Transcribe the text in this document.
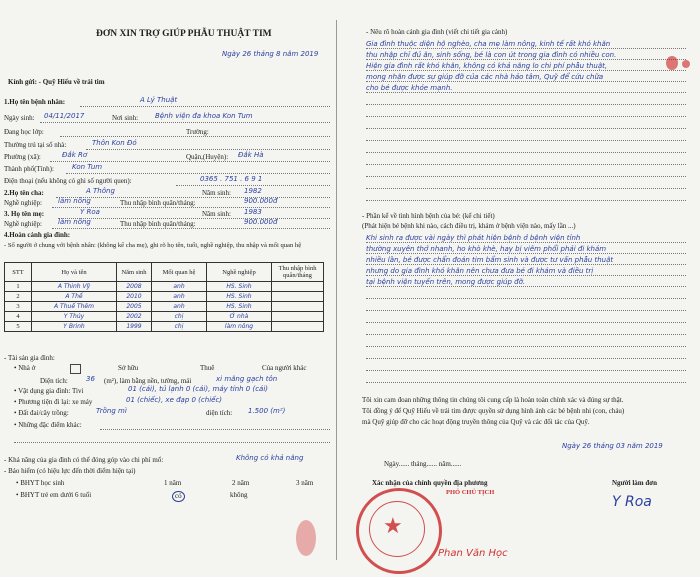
ĐƠN XIN TRỢ GIÚP PHẪU THUẬT TIM
Ngày 26 tháng 8 năm 2019
Kính gửi: - Quỹ Hiếu về trái tim
1.Họ tên bệnh nhân:	A Lý Thuật
Ngày sinh: 04/11/2017	Nơi sinh: Bệnh viện đa khoa Kon Tum
Đang học lớp:	Trường:
Thường trú tại số nhà:	Thôn Kon Đó
Phường (xã):	Đắk Rơ	Quận,(Huyện): Đắk Hà
Thành phố(Tỉnh):	Kon Tum
Điện thoại (nếu không có ghi số người quen):	0365 . 751 . 6 9 1
2.Họ tên cha:	A Thông	Năm sinh: 1982
Nghề nghiệp: làm nông	Thu nhập bình quân/tháng:	900.000đ
3. Họ tên mẹ:	Y Roa	Năm sinh: 1983
Nghề nghiệp: làm nông	Thu nhập bình quân/tháng:	900.000đ
4.Hoàn cảnh gia đình:
- Số người ở chung với bệnh nhân: (không kể cha mẹ), ghi rõ họ tên, tuổi, nghề nghiệp, thu nhập và mối quan hệ
STT	Họ và tên	Năm sinh	Mối quan hệ	Nghề nghiệp	Thu nhập bình quân/tháng
1	A Thinh Vỹ	2008	anh	HS. Sinh	
2	A Thế	2010	anh	HS. Sinh	
3	A Thuế Thêm	2005	anh	HS. Sinh	
4	Y Thúy	2002	chị	Ở nhà	
5	Y Brinh	1999	chị	làm nông	
- Tài sản gia đình:
• Nhà ở	Sở hữu	Thuê	Của người khác
Diện tích:	36 (m²), làm bằng nền, tường, mái	xi măng gạch tôn
• Vật dụng gia đình: Tivi	01 (cái), tủ lạnh 0 (cái), máy tính 0 (cái)
• Phương tiện đi lại: xe máy	01 (chiếc), xe đạp 0 (chiếc)
• Đất đai/cây trồng:	Trồng mì	diện tích: 1.500 (m²)
• Những đặc điểm khác:
- Khả năng của gia đình có thể đóng góp vào chi phí mổ:	Không có khả năng
- Bảo hiểm (có hiệu lực đến thời điểm hiện tại)
• BHYT học sinh	1 năm	2 năm	3 năm
• BHYT trẻ em dưới 6 tuổi	có	không
- Nêu rõ hoàn cảnh gia đình (viết chi tiết gia cảnh)
Gia đình thuộc diện hộ nghèo, cha mẹ làm nông, kinh tế rất khó khăn
thu nhập chỉ đủ ăn, sinh sống, bé là con út trong gia đình có nhiều con.
Hiện gia đình rất khó khăn, không có khả năng lo chi phí phẫu thuật,
mong nhận được sự giúp đỡ của các nhà hảo tâm, Quỹ để cứu chữa
cho bé được khỏe mạnh.
- Phần kể về tình hình bệnh của bé: (kể chi tiết)
(Phát hiện bé bệnh khi nào, cách điều trị, khám ở bệnh viện nào, mấy lần ...)
Khi sinh ra được vài ngày thì phát hiện bệnh ở bệnh viện tỉnh
thường xuyên thở nhanh, ho khò khè, hay bị viêm phổi phải đi khám
nhiều lần, bé được chẩn đoán tim bẩm sinh và được tư vấn phẫu thuật
nhưng do gia đình khó khăn nên chưa đưa bé đi khám và điều trị
tại bệnh viện tuyến trên, mong được giúp đỡ.
Tôi xin cam đoan những thông tin chúng tôi cung cấp là hoàn toàn chính xác và đúng sự thật.
Tôi đồng ý để Quỹ Hiếu về trái tim được quyền sử dụng hình ảnh các bé bệnh nhi (con, cháu)
mà Quỹ giúp đỡ cho các hoạt động truyền thông của Quỹ và các đối tác của Quỹ.
Ngày 26 tháng 03 năm 2019
Ngày...... tháng...... năm......
Xác nhận của chính quyền địa phương	Người làm đơn
Y Roa
★
PHÓ CHỦ TỊCH
Phan Văn Học
